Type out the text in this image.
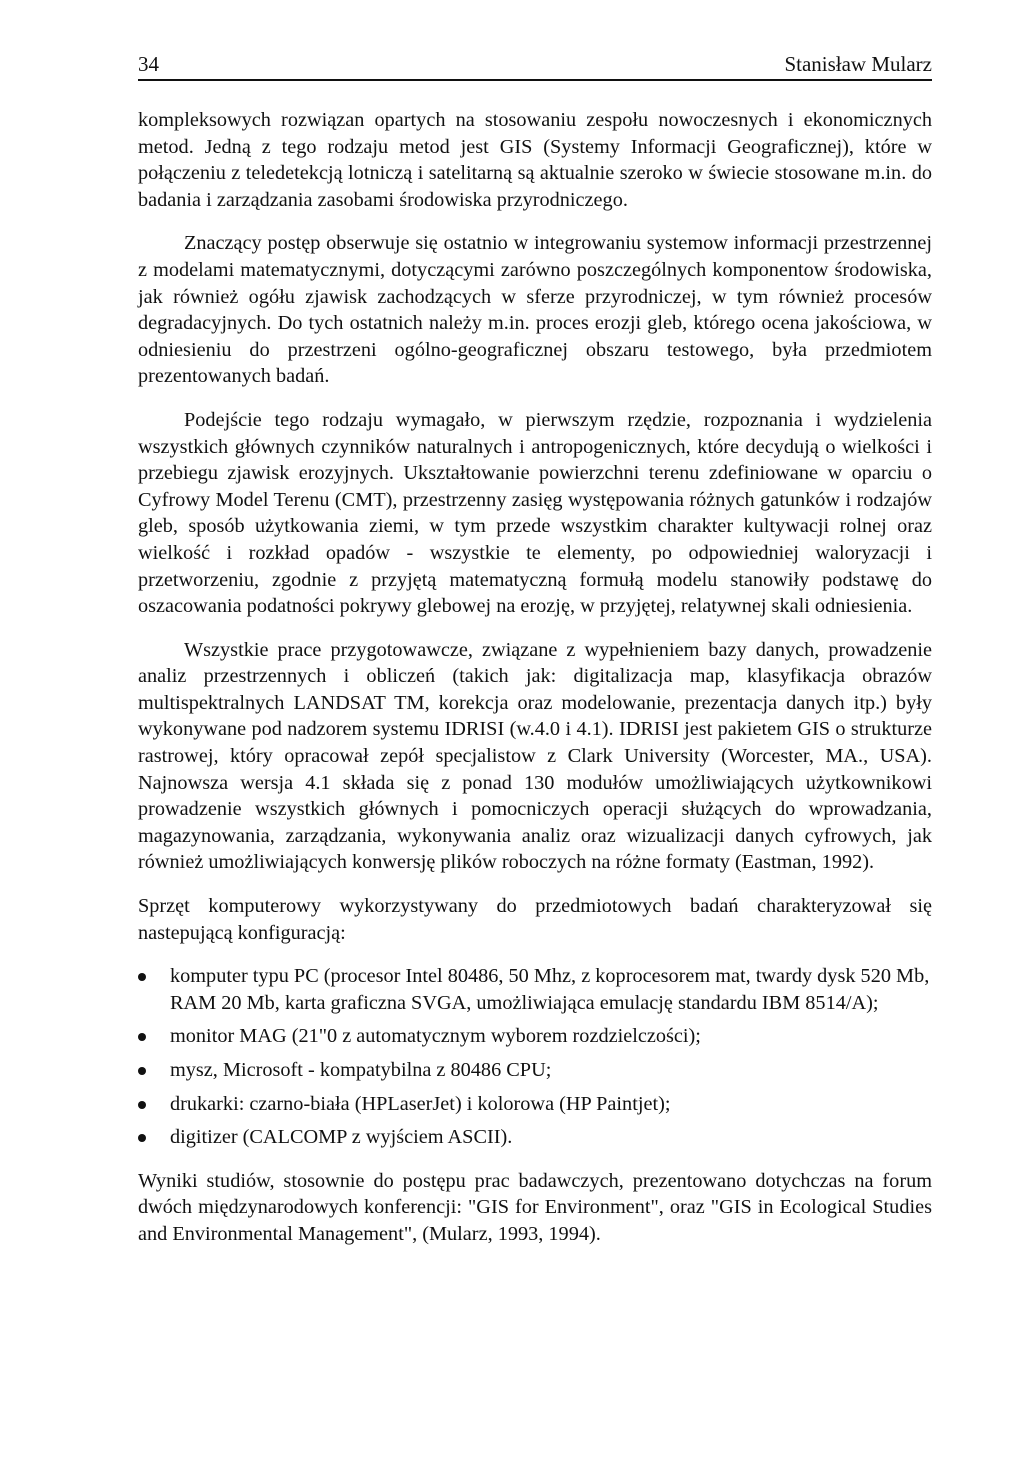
34	Stanisław Mularz

kompleksowych rozwiązan opartych na stosowaniu zespołu nowoczesnych i ekonomicznych metod. Jedną z tego rodzaju metod jest GIS (Systemy Informacji Geograficznej), które w połączeniu z teledetekcją lotniczą i satelitarną są aktualnie szeroko w świecie stosowane m.in. do badania i zarządzania zasobami środowiska przyrodniczego.

Znaczący postęp obserwuje się ostatnio w integrowaniu systemow informacji przestrzennej z modelami matematycznymi, dotyczącymi zarówno poszczególnych komponentow środowiska, jak również ogółu zjawisk zachodzących w sferze przyrodniczej, w tym również procesów degradacyjnych. Do tych ostatnich należy m.in. proces erozji gleb, którego ocena jakościowa, w odniesieniu do przestrzeni ogólno-geograficznej obszaru testowego, była przedmiotem prezentowanych badań.

Podejście tego rodzaju wymagało, w pierwszym rzędzie, rozpoznania i wydzielenia wszystkich głównych czynników naturalnych i antropogenicznych, które decydują o wielkości i przebiegu zjawisk erozyjnych. Ukształtowanie powierzchni terenu zdefiniowane w oparciu o Cyfrowy Model Terenu (CMT), przestrzenny zasięg występowania różnych gatunków i rodzajów gleb, sposób użytkowania ziemi, w tym przede wszystkim charakter kultywacji rolnej oraz wielkość i rozkład opadów - wszystkie te elementy, po odpowiedniej waloryzacji i przetworzeniu, zgodnie z przyjętą matematyczną formułą modelu stanowiły podstawę do oszacowania podatności pokrywy glebowej na erozję, w przyjętej, relatywnej skali odniesienia.

Wszystkie prace przygotowawcze, związane z wypełnieniem bazy danych, prowadzenie analiz przestrzennych i obliczeń (takich jak: digitalizacja map, klasyfikacja obrazów multispektralnych LANDSAT TM, korekcja oraz modelowanie, prezentacja danych itp.) były wykonywane pod nadzorem systemu IDRISI (w.4.0 i 4.1). IDRISI jest pakietem GIS o strukturze rastrowej, który opracował zepół specjalistow z Clark University (Worcester, MA., USA). Najnowsza wersja 4.1 składa się z ponad 130 modułów umożliwiających użytkownikowi prowadzenie wszystkich głównych i pomocniczych operacji służących do wprowadzania, magazynowania, zarządzania, wykonywania analiz oraz wizualizacji danych cyfrowych, jak również umożliwiających konwersję plików roboczych na różne formaty (Eastman, 1992).

Sprzęt komputerowy wykorzystywany do przedmiotowych badań charakteryzował się nastepującą konfiguracją:

komputer typu PC (procesor Intel 80486, 50 Mhz, z koprocesorem mat, twardy dysk 520 Mb, RAM 20 Mb, karta graficzna SVGA, umożliwiająca emulację standardu IBM 8514/A);
monitor MAG (21"0 z automatycznym wyborem rozdzielczości);
mysz, Microsoft - kompatybilna z 80486 CPU;
drukarki: czarno-biała (HPLaserJet) i kolorowa (HP Paintjet);
digitizer (CALCOMP z wyjściem ASCII).

Wyniki studiów, stosownie do postępu prac badawczych, prezentowano dotychczas na forum dwóch międzynarodowych konferencji: "GIS for Environment", oraz "GIS in Ecological Studies and Environmental Management", (Mularz, 1993, 1994).
